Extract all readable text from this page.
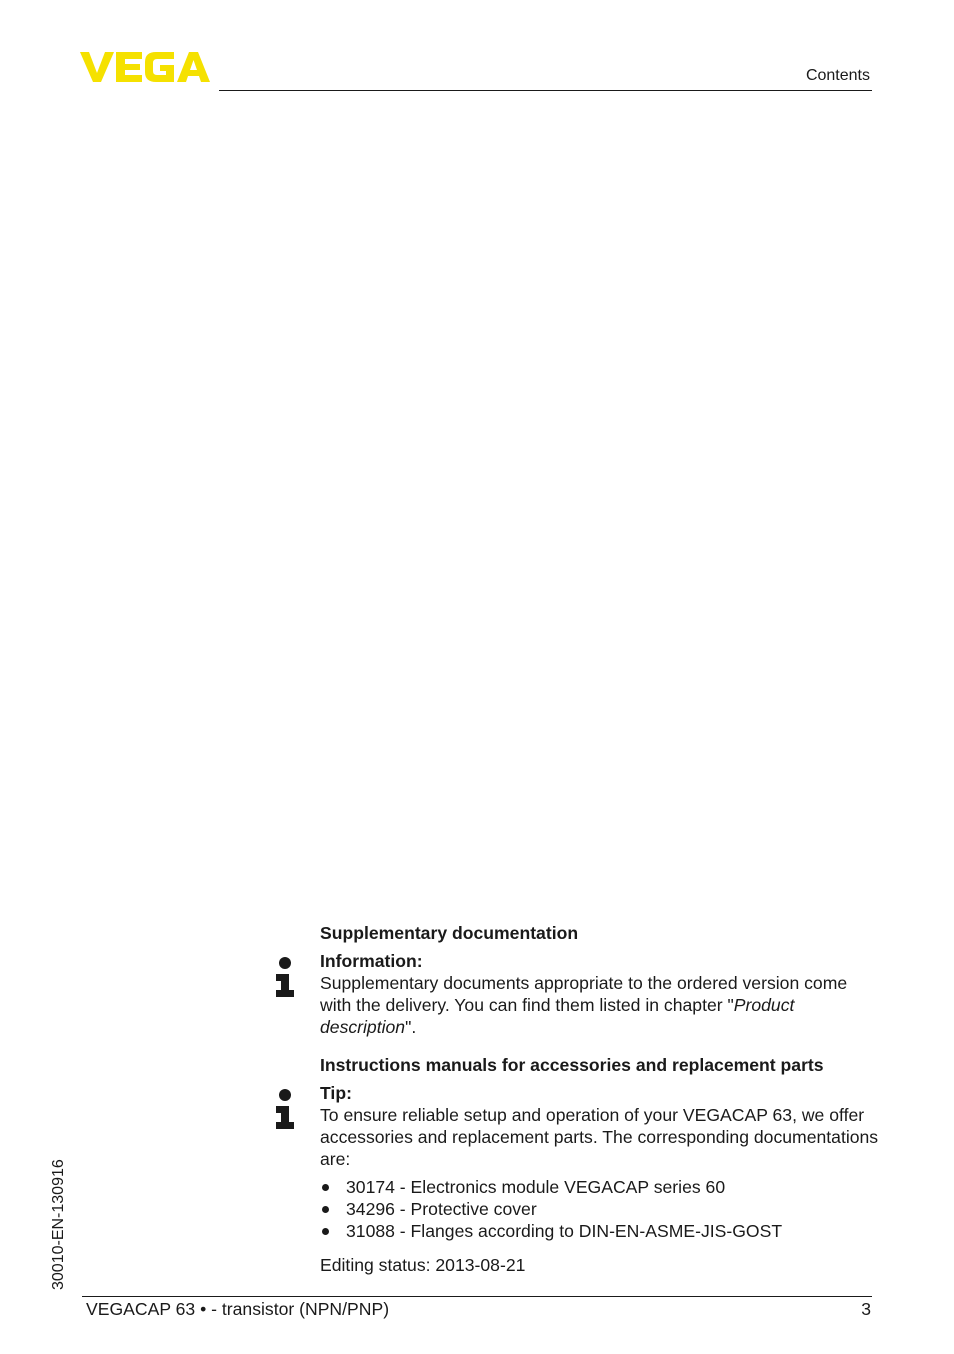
Contents
Supplementary documentation
Information:
Supplementary documents appropriate to the ordered version come with the delivery. You can find them listed in chapter "Product description".
Instructions manuals for accessories and replacement parts
Tip:
To ensure reliable setup and operation of your VEGACAP 63, we offer accessories and replacement parts. The corresponding documentations are:
30174 - Electronics module VEGACAP series 60
34296 - Protective cover
31088 - Flanges according to DIN-EN-ASME-JIS-GOST
Editing status: 2013-08-21
30010-EN-130916
VEGACAP 63 • - transistor (NPN/PNP)	3
